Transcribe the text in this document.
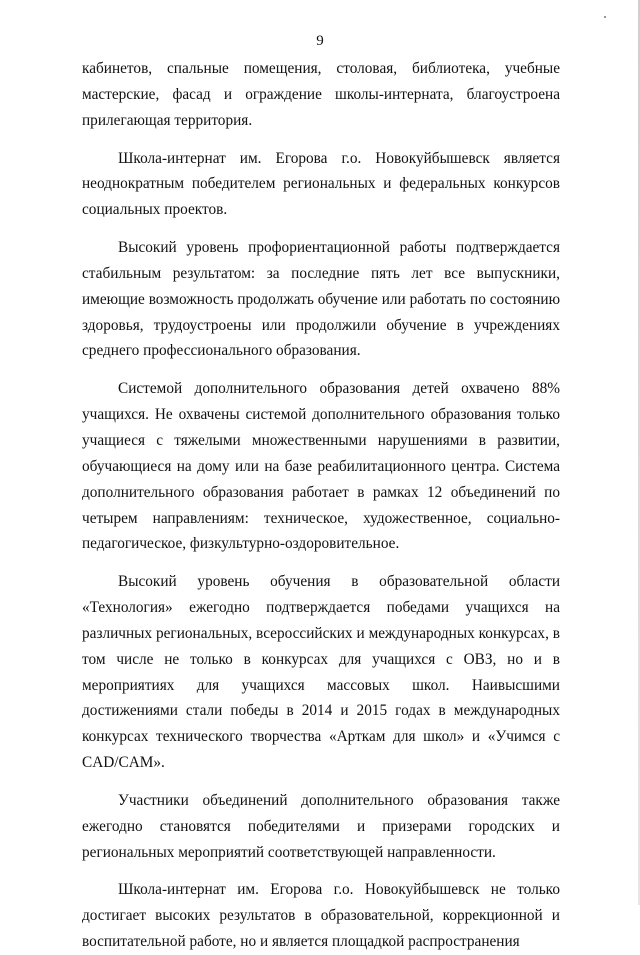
9

кабинетов, спальные помещения, столовая, библиотека, учебные мастерские, фасад и ограждение школы-интерната, благоустроена прилегающая территория.

Школа-интернат им. Егорова г.о. Новокуйбышевск является неоднократным победителем региональных и федеральных конкурсов социальных проектов.

Высокий уровень профориентационной работы подтверждается стабильным результатом: за последние пять лет все выпускники, имеющие возможность продолжать обучение или работать по состоянию здоровья, трудоустроены или продолжили обучение в учреждениях среднего профессионального образования.

Системой дополнительного образования детей охвачено 88% учащихся. Не охвачены системой дополнительного образования только учащиеся с тяжелыми множественными нарушениями в развитии, обучающиеся на дому или на базе реабилитационного центра. Система дополнительного образования работает в рамках 12 объединений по четырем направлениям: техническое, художественное, социально-педагогическое, физкультурно-оздоровительное.

Высокий уровень обучения в образовательной области «Технология» ежегодно подтверждается победами учащихся на различных региональных, всероссийских и международных конкурсах, в том числе не только в конкурсах для учащихся с ОВЗ, но и в мероприятиях для учащихся массовых школ. Наивысшими достижениями стали победы в 2014 и 2015 годах в международных конкурсах технического творчества «Арткам для школ» и «Учимся с CAD/CAM».

Участники объединений дополнительного образования также ежегодно становятся победителями и призерами городских и региональных мероприятий соответствующей направленности.

Школа-интернат им. Егорова г.о. Новокуйбышевск не только достигает высоких результатов в образовательной, коррекционной и воспитательной работе, но и является площадкой распространения
